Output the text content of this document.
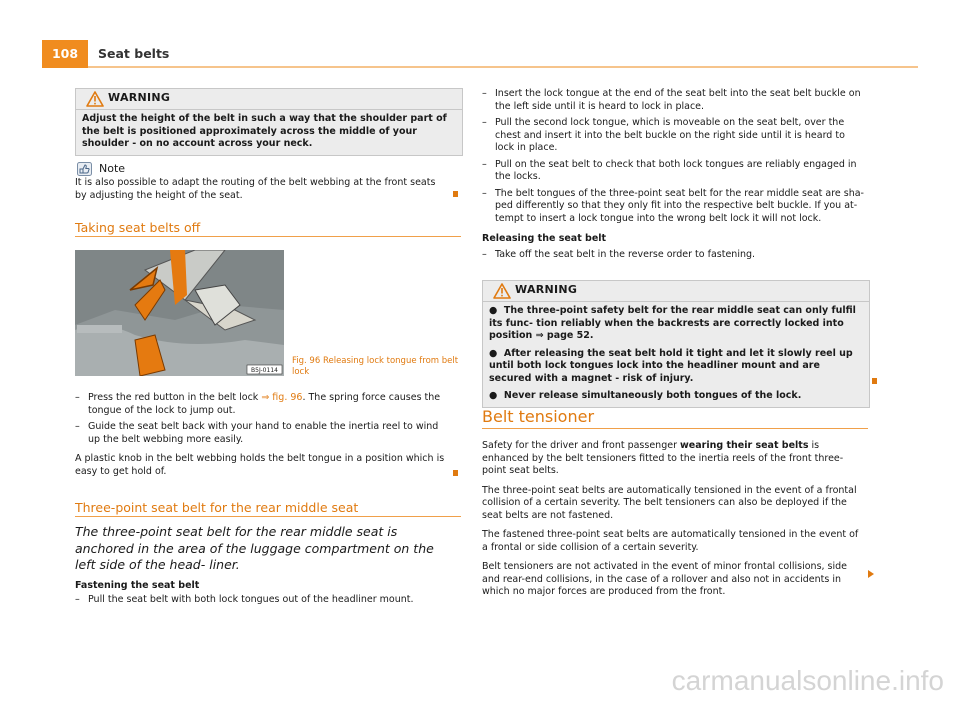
108	Seat belts
WARNING
Adjust the height of the belt in such a way that the shoulder part of the belt is positioned approximately across the middle of your shoulder - on no account across your neck.
Note

It is also possible to adapt the routing of the belt webbing at the front seats by adjusting the height of the seat.

Taking seat belts off
B5J-0114
Fig. 96 Releasing lock tongue from belt lock

– Press the red button in the belt lock ⇒ fig. 96. The spring force causes the tongue of the lock to jump out.

– Guide the seat belt back with your hand to enable the inertia reel to wind up the belt webbing more easily.

A plastic knob in the belt webbing holds the belt tongue in a position which is easy to get hold of.

Three-point seat belt for the rear middle seat
The three-point seat belt for the rear middle seat is anchored in the area of the luggage compartment on the left side of the head- liner.
Fastening the seat belt
– Pull the seat belt with both lock tongues out of the headliner mount.

– Insert the lock tongue at the end of the seat belt into the seat belt buckle on the left side until it is heard to lock in place.

– Pull the second lock tongue, which is moveable on the seat belt, over the chest and insert it into the belt buckle on the right side until it is heard to lock in place.

– Pull on the seat belt to check that both lock tongues are reliably engaged in the locks.

– The belt tongues of the three-point seat belt for the rear middle seat are sha- ped differently so that they only fit into the respective belt buckle. If you at- tempt to insert a lock tongue into the wrong belt lock it will not lock.

Releasing the seat belt

– Take off the seat belt in the reverse order to fastening.

WARNING

●  The three-point safety belt for the rear middle seat can only fulfil its func- tion reliably when the backrests are correctly locked into position ⇒ page 52.

●  After releasing the seat belt hold it tight and let it slowly reel up until both lock tongues lock into the headliner mount and are secured with a magnet - risk of injury.

●  Never release simultaneously both tongues of the lock.

Belt tensioner

Safety for the driver and front passenger wearing their seat belts is enhanced by the belt tensioners fitted to the inertia reels of the front three-point seat belts.

The three-point seat belts are automatically tensioned in the event of a frontal collision of a certain severity. The belt tensioners can also be deployed if the seat belts are not fastened.

The fastened three-point seat belts are automatically tensioned in the event of a frontal or side collision of a certain severity.

Belt tensioners are not activated in the event of minor frontal collisions, side and rear-end collisions, in the case of a rollover and also not in accidents in which no major forces are produced from the front.

carmanualsonline.info
